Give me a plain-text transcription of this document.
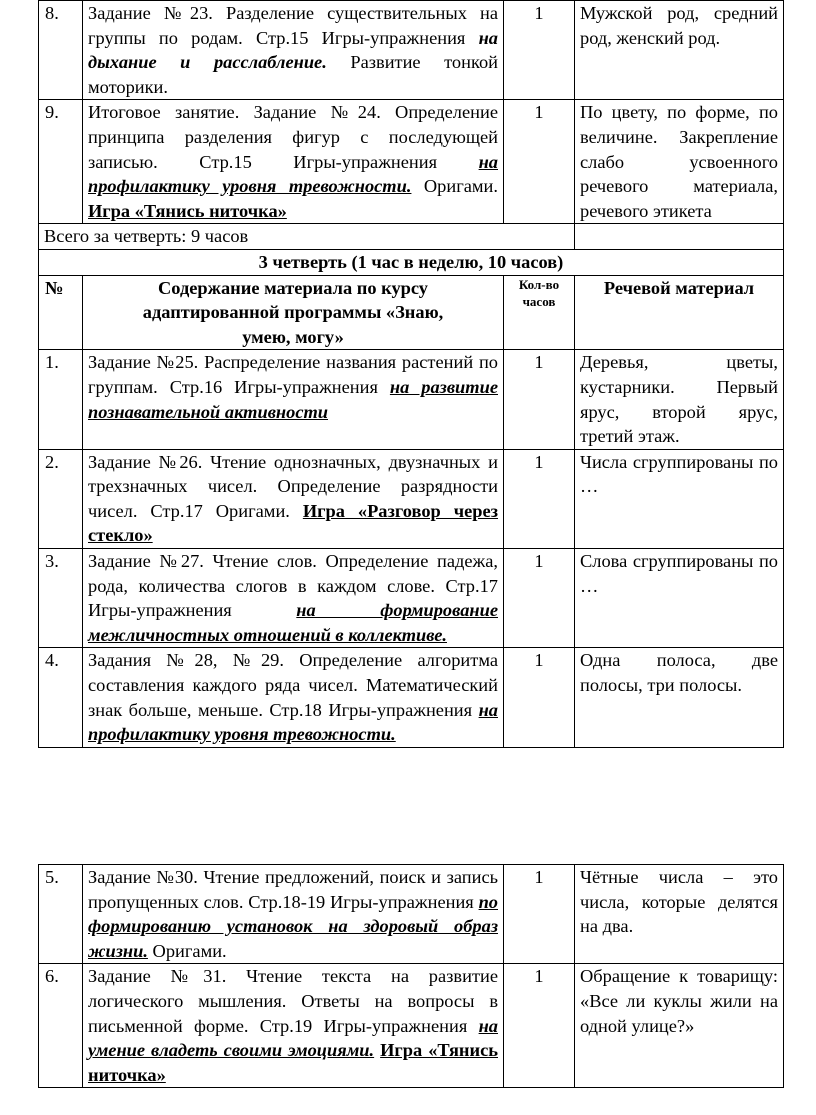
8.	Задание №23. Разделение существительных на группы по родам. Стр.15 Игры-упражнения на дыхание и расслабление. Развитие тонкой моторики.	1	Мужской род, средний род, женский род.
9.	Итоговое занятие. Задание №24. Определение принципа разделения фигур с последующей записью. Стр.15 Игры-упражнения на профилактику уровня тревожности. Оригами. Игра «Тянись ниточка»	1	По цвету, по форме, по величине. Закрепление слабо усвоенного речевого материала, речевого этикета
Всего за четверть: 9 часов			
3 четверть (1 час в неделю, 10 часов)			
№	Содержание материала по курсу адаптированной программы «Знаю, умею, могу»	Кол-во часов	Речевой материал
1.	Задание №25. Распределение названия растений по группам. Стр.16 Игры-упражнения на развитие познавательной активности	1	Деревья, цветы, кустарники. Первый ярус, второй ярус, третий этаж.
2.	Задание №26. Чтение однозначных, двузначных и трехзначных чисел. Определение разрядности чисел. Стр.17 Оригами. Игра «Разговор через стекло»	1	Числа сгруппированы по …
3.	Задание №27. Чтение слов. Определение падежа, рода, количества слогов в каждом слове. Стр.17 Игры-упражнения на формирование межличностных отношений в коллективе.	1	Слова сгруппированы по …
4.	Задания №28, №29. Определение алгоритма составления каждого ряда чисел. Математический знак больше, меньше. Стр.18 Игры-упражнения на профилактику уровня тревожности.	1	Одна полоса, две полосы, три полосы.
5.	Задание №30. Чтение предложений, поиск и запись пропущенных слов. Стр.18-19 Игры-упражнения по формированию установок на здоровый образ жизни. Оригами.	1	Чётные числа – это числа, которые делятся на два.
6.	Задание №31. Чтение текста на развитие логического мышления. Ответы на вопросы в письменной форме. Стр.19 Игры-упражнения на умение владеть своими эмоциями. Игра «Тянись ниточка»	1	Обращение к товарищу: «Все ли куклы жили на одной улице?»
